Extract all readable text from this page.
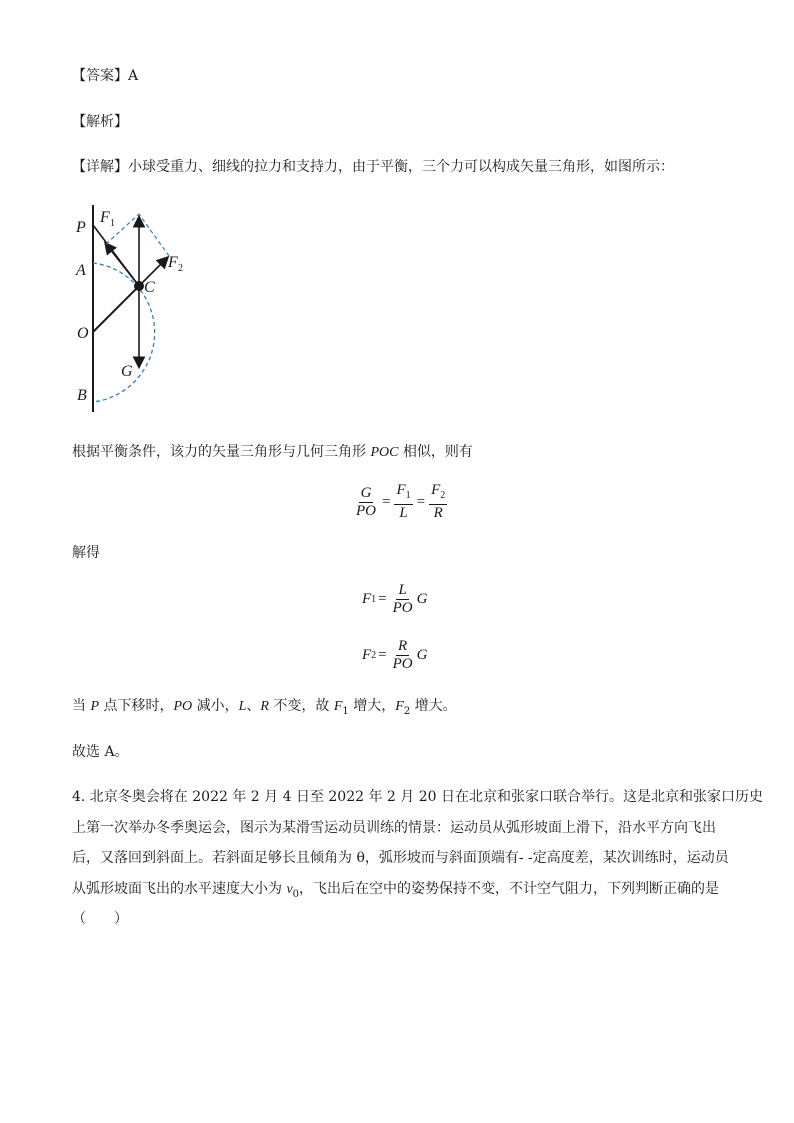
【答案】A
【解析】
【详解】小球受重力、细线的拉力和支持力，由于平衡，三个力可以构成矢量三角形，如图所示：
P
A
O
B
C
G
F 1
F 2
根据平衡条件，该力的矢量三角形与几何三角形 POC 相似，则有
$\frac{G}{PO} = \frac{F_1}{L} = \frac{F_2}{R}$
解得
F $1 = \frac{L}{PO}$ G
F $2 = \frac{R}{PO}$ G
当 P 点下移时，PO 减小，L、R 不变，故 $F_1$ 增大，$F_2$ 增大。
故选 A。
4. 北京冬奥会将在 2022 年 2 月 4 日至 2022 年 2 月 20 日在北京和张家口联合举行。这是北京和张家口历史
上第一次举办冬季奥运会，图示为某滑雪运动员训练的情景：运动员从弧形坡面上滑下，沿水平方向飞出
后，又落回到斜面上。若斜面足够长且倾角为 θ，弧形坡而与斜面顶端有- -定高度差，某次训练时，运动员
从弧形坡面飞出的水平速度大小为 $v_0$，飞出后在空中的姿势保持不变，不计空气阻力，下列判断正确的是
（　　）
